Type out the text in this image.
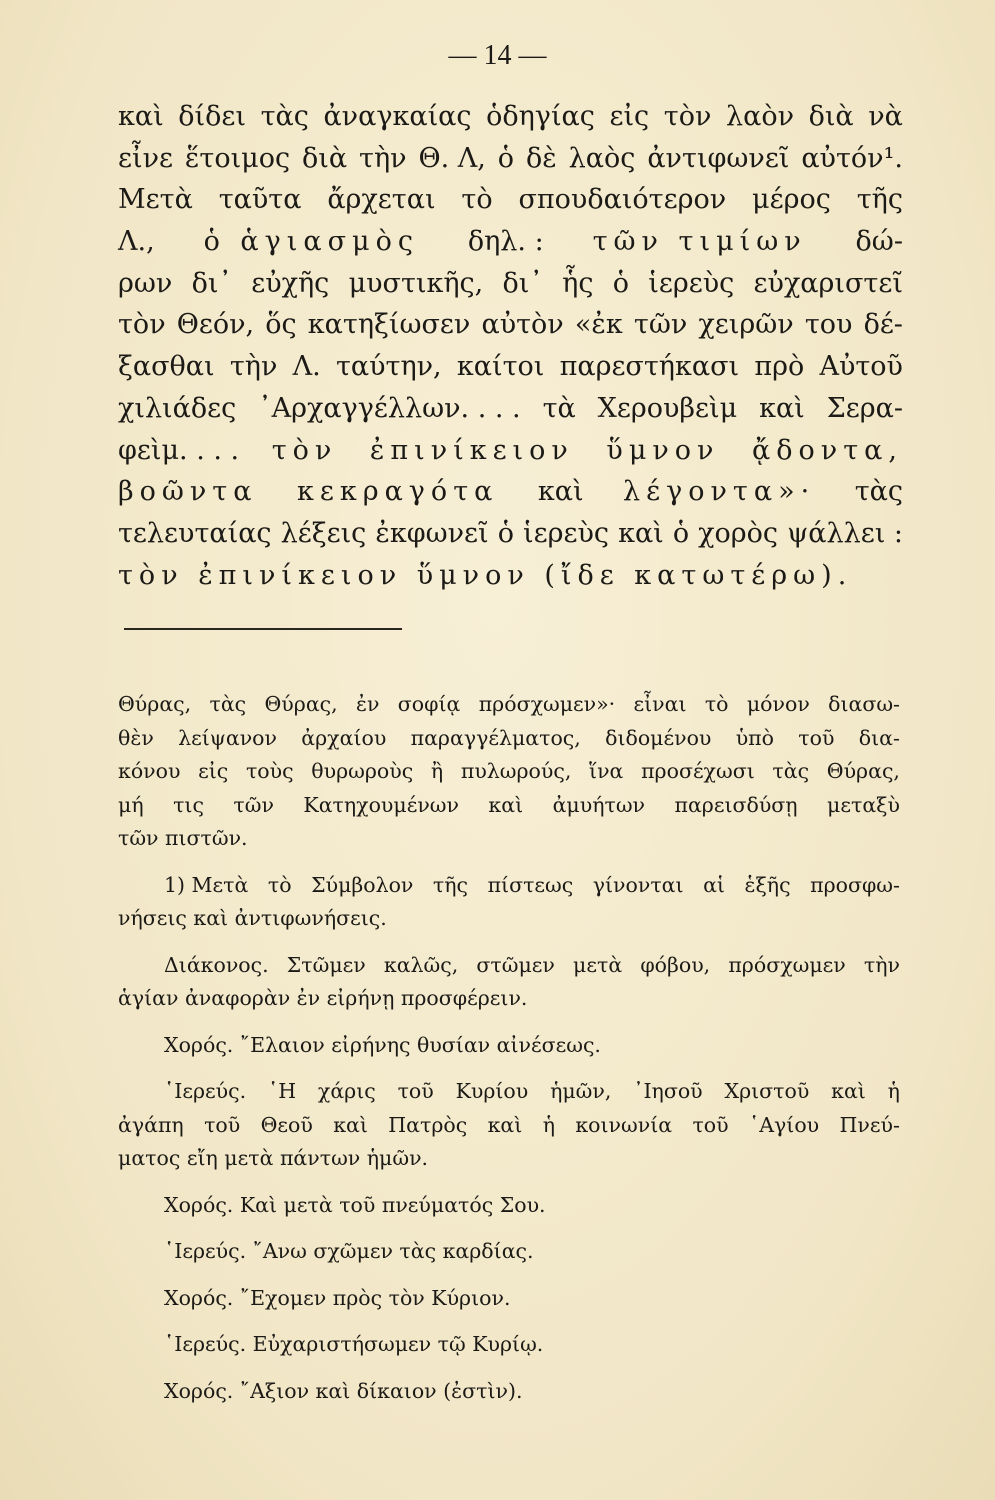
— 14 —
καὶ δίδει τὰς ἀναγκαίας ὁδηγίας εἰς τὸν λαὸν διὰ νὰ
εἶνε ἕτοιμος διὰ τὴν Θ. Λ, ὁ δὲ λαὸς ἀντιφωνεῖ αὐτόν¹.
Μετὰ ταῦτα ἄρχεται τὸ σπουδαιότερον μέρος τῆς
Λ., ὁ ἁγιασμὸς δηλ. : τῶν τιμίων δώ-
ρων δι᾿ εὐχῆς μυστικῆς, δι᾿ ἧς ὁ ἱερεὺς εὐχαριστεῖ
τὸν Θεόν, ὅς κατηξίωσεν αὐτὸν «ἐκ τῶν χειρῶν του δέ-
ξασθαι τὴν Λ. ταύτην, καίτοι παρεστήκασι πρὸ Αὐτοῦ
χιλιάδες ᾿Αρχαγγέλλων. . . . τὰ Χερουβεὶμ καὶ Σερα-
φεὶμ. . . . τὸν ἐπινίκειον ὕμνον ᾄδοντα,
βοῶντα κεκραγότα καὶ λέγοντα»· τὰς
τελευταίας λέξεις ἐκφωνεῖ ὁ ἱερεὺς καὶ ὁ χορὸς ψάλλει :
τὸν ἐπινίκειον ὕμνον (ἴδε κατωτέρω).
Θύρας, τὰς Θύρας, ἐν σοφίᾳ πρόσχωμεν»· εἶναι τὸ μόνον διασω-
θὲν λείψανον ἀρχαίου παραγγέλματος, διδομένου ὑπὸ τοῦ δια-
κόνου εἰς τοὺς θυρωροὺς ἢ πυλωρούς, ἵνα προσέχωσι τὰς Θύρας,
μή τις τῶν Κατηχουμένων καὶ ἀμυήτων παρεισδύσῃ μεταξὺ
τῶν πιστῶν.
1) Μετὰ τὸ Σύμβολον τῆς πίστεως γίνονται αἱ ἑξῆς προσφω-
νήσεις καὶ ἀντιφωνήσεις.
Διάκονος. Στῶμεν καλῶς, στῶμεν μετὰ φόβου, πρόσχωμεν τὴν
ἁγίαν ἀναφορὰν ἐν εἰρήνῃ προσφέρειν.
Χορός. ῎Ελαιον εἰρήνης θυσίαν αἰνέσεως.
῾Ιερεύς. ῾Η χάρις τοῦ Κυρίου ἡμῶν, ᾿Ιησοῦ Χριστοῦ καὶ ἡ
ἀγάπη τοῦ Θεοῦ καὶ Πατρὸς καὶ ἡ κοινωνία τοῦ ῾Αγίου Πνεύ-
ματος εἴη μετὰ πάντων ἡμῶν.
Χορός. Καὶ μετὰ τοῦ πνεύματός Σου.
῾Ιερεύς. ῎Ανω σχῶμεν τὰς καρδίας.
Χορός. ῎Εχομεν πρὸς τὸν Κύριον.
῾Ιερεύς. Εὐχαριστήσωμεν τῷ Κυρίῳ.
Χορός. ῎Αξιον καὶ δίκαιον (ἐστὶν).
